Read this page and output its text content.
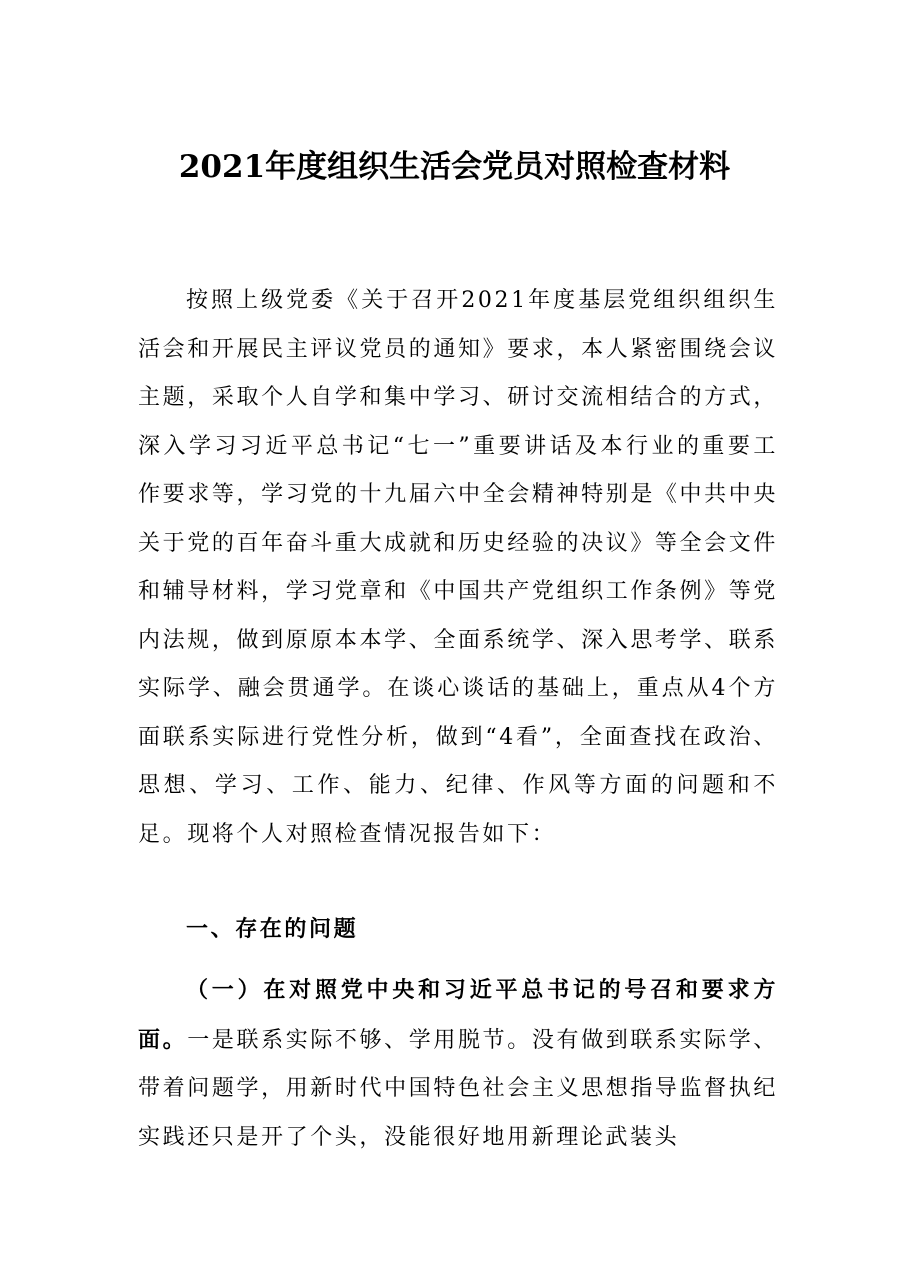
2021年度组织生活会党员对照检查材料

按照上级党委《关于召开2021年度基层党组织组织生活会和开展民主评议党员的通知》要求，本人紧密围绕会议主题，采取个人自学和集中学习、研讨交流相结合的方式，深入学习习近平总书记“七一”重要讲话及本行业的重要工作要求等，学习党的十九届六中全会精神特别是《中共中央关于党的百年奋斗重大成就和历史经验的决议》等全会文件和辅导材料，学习党章和《中国共产党组织工作条例》等党内法规，做到原原本本学、全面系统学、深入思考学、联系实际学、融会贯通学。在谈心谈话的基础上，重点从4个方面联系实际进行党性分析，做到“4看”，全面查找在政治、思想、学习、工作、能力、纪律、作风等方面的问题和不足。现将个人对照检查情况报告如下：

一、存在的问题

（一）在对照党中央和习近平总书记的号召和要求方面。一是联系实际不够、学用脱节。没有做到联系实际学、带着问题学，用新时代中国特色社会主义思想指导监督执纪实践还只是开了个头，没能很好地用新理论武装头
